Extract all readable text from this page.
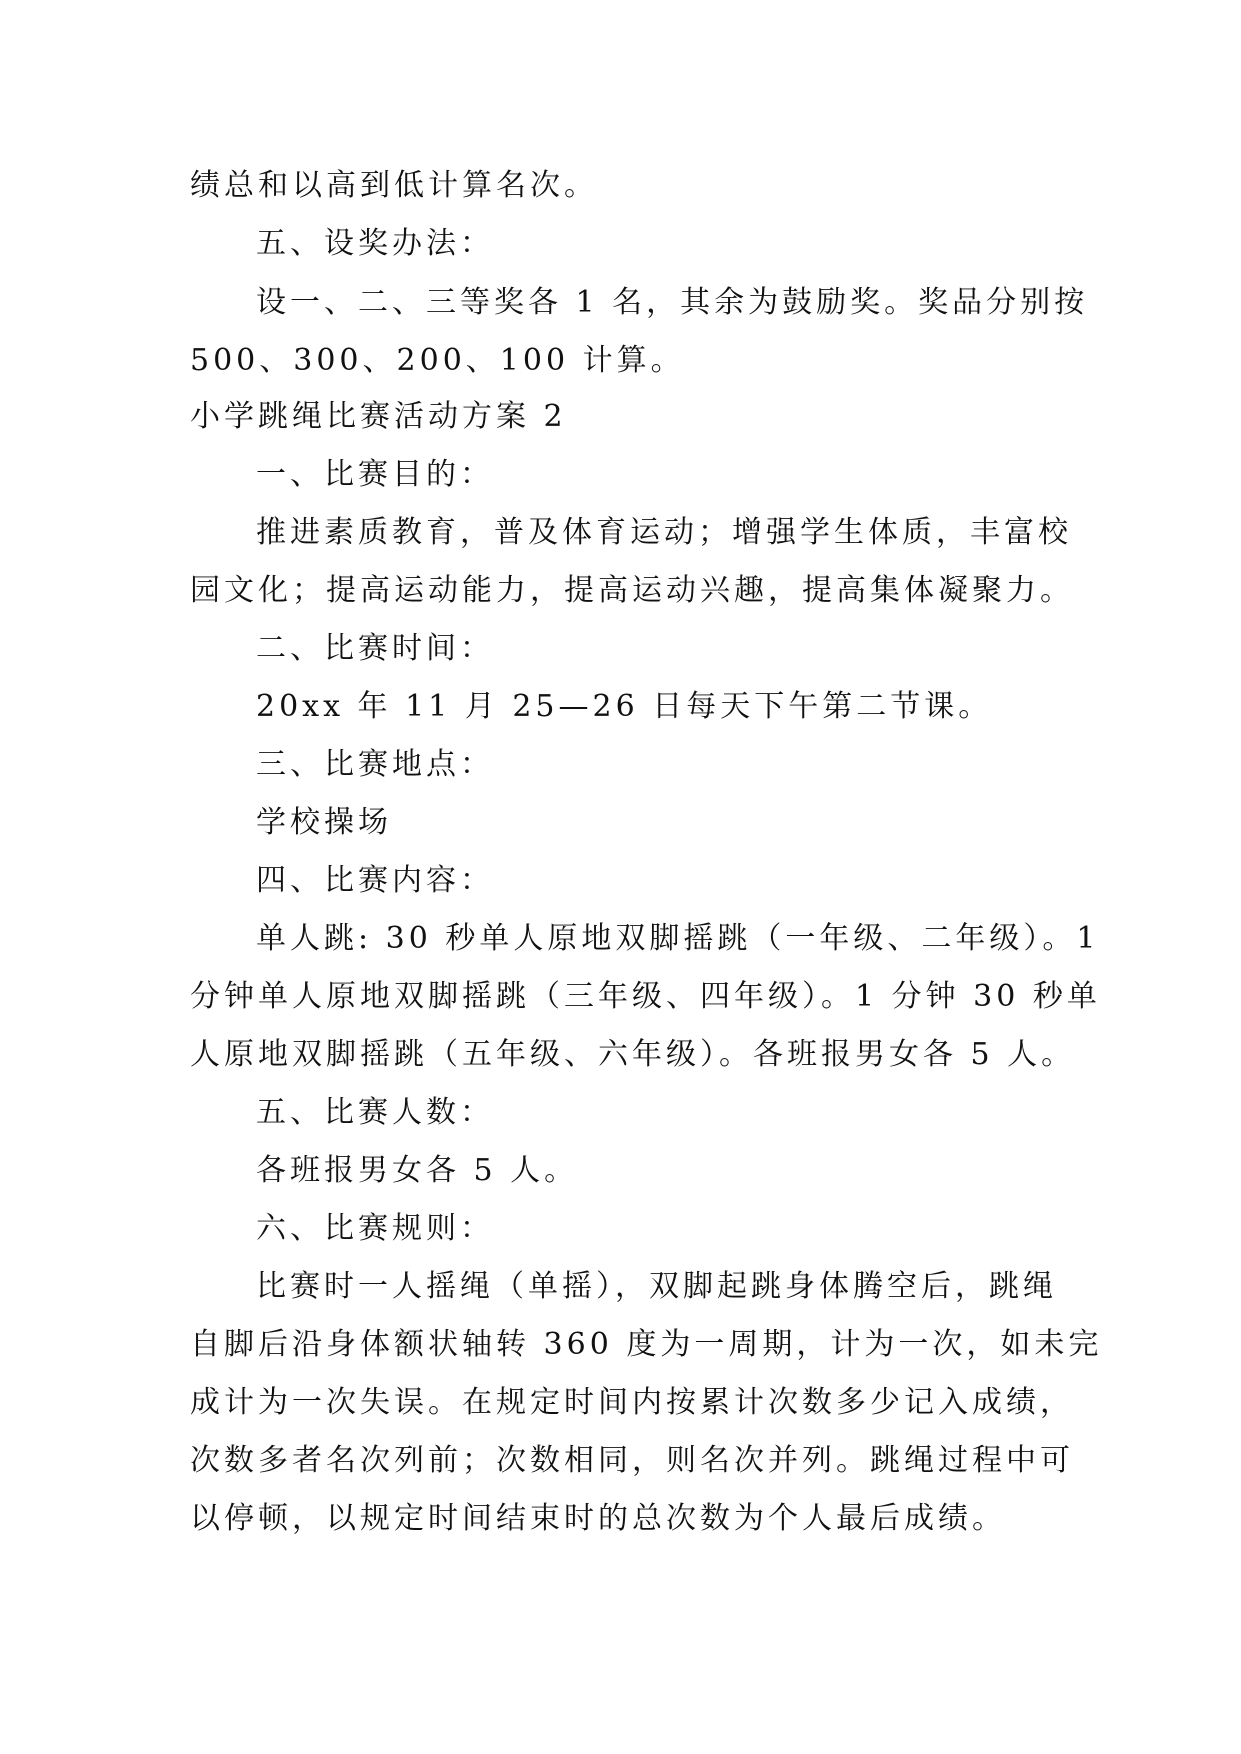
绩总和以高到低计算名次。
五、设奖办法：
设一、二、三等奖各 1 名，其余为鼓励奖。奖品分别按
500、300、200、100 计算。
小学跳绳比赛活动方案 2
一、比赛目的：
推进素质教育，普及体育运动；增强学生体质，丰富校
园文化；提高运动能力，提高运动兴趣，提高集体凝聚力。
二、比赛时间：
20xx 年 11 月 25—26 日每天下午第二节课。
三、比赛地点：
学校操场
四、比赛内容：
单人跳: 30 秒单人原地双脚摇跳（一年级、二年级）。1
分钟单人原地双脚摇跳（三年级、四年级）。1 分钟 30 秒单
人原地双脚摇跳（五年级、六年级）。各班报男女各 5 人。
五、比赛人数：
各班报男女各 5 人。
六、比赛规则：
比赛时一人摇绳（单摇），双脚起跳身体腾空后，跳绳
自脚后沿身体额状轴转 360 度为一周期，计为一次，如未完
成计为一次失误。在规定时间内按累计次数多少记入成绩，
次数多者名次列前；次数相同，则名次并列。跳绳过程中可
以停顿，以规定时间结束时的总次数为个人最后成绩。
